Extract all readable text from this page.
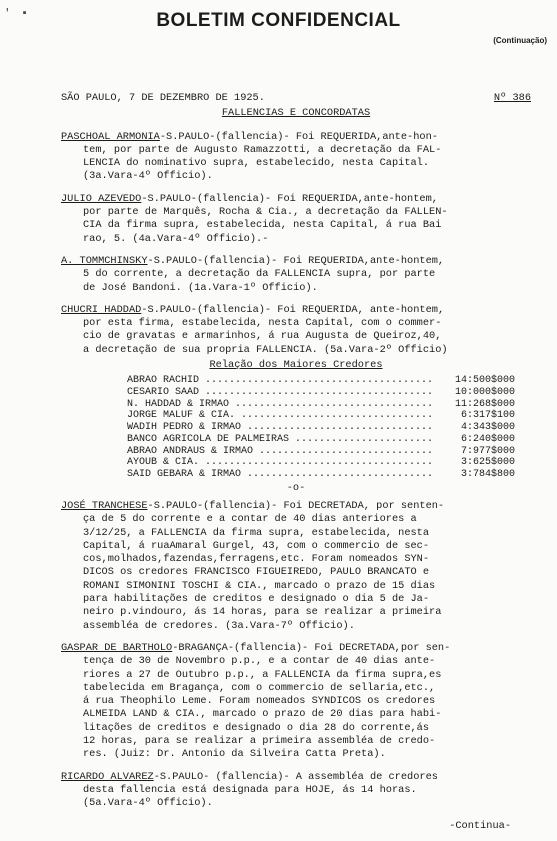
' ▪	BOLETIM CONFIDENCIAL
(Continuação)
SÃO PAULO, 7 DE DEZEMBRO DE 1925.	Nº 386
FALLENCIAS E CONCORDATAS
PASCHOAL ARMONIA-S.PAULO-(fallencia)- Foi REQUERIDA,ante-hon-
tem, por parte de Augusto Ramazzotti, a decretação da FAL-
LENCIA do nominativo supra, estabelecido, nesta Capital.
(3a.Vara-4º Officio).
JULIO AZEVEDO-S.PAULO-(fallencia)- Foi REQUERIDA,ante-hontem,
por parte de Marquês, Rocha & Cia., a decretação da FALLEN-
CIA da firma supra, estabelecida, nesta Capital, á rua Bai
rao, 5. (4a.Vara-4º Officio).-
A. TOMMCHINSKY-S.PAULO-(fallencia)- Foi REQUERIDA,ante-hontem,
5 do corrente, a decretação da FALLENCIA supra, por parte
de José Bandoni. (1a.Vara-1º Officio).
CHUCRI HADDAD-S.PAULO-(fallencia)- Foi REQUERIDA, ante-hontem,
por esta firma, estabelecida, nesta Capital, com o commer-
cio de gravatas e armarinhos, á rua Augusta de Queiroz,40,
a decretação de sua propria FALLENCIA. (5a.Vara-2º Officio)
Relação dos Maiores Credores
ABRÃO RACHID .....	14:500$000
CESARIO SAAD .....	10:000$000
N. HADDAD & IRMÃO .....	11:268$000
JORGE MALUF & CIA. .....	6:317$100
WADIH PEDRO & IRMÃO .....	4:343$000
BANCO AGRICOLA DE PALMEIRAS .....	6:240$000
ABRÃO ANDRAUS & IRMÃO .....	7:977$000
AYOUB & CIA. .....	3:625$000
SAID GEBARA & IRMÃO .....	3:784$800
-o-
JOSÉ TRANCHESE-S.PAULO-(fallencia)- Foi DECRETADA, por senten-
ça de 5 do corrente e a contar de 40 dias anteriores a
3/12/25, a FALLENCIA da firma supra, estabelecida, nesta
Capital, á ruaAmaral Gurgel, 43, com o commercio de sec-
cos,molhados,fazendas,ferragens,etc. Foram nomeados SYN-
DICOS os credores FRANCISCO FIGUEIREDO, PAULO BRANCATO e
ROMANI SIMONINI TOSCHI & CIA., marcado o prazo de 15 dias
para habilitações de creditos e designado o dia 5 de Ja-
neiro p.vindouro, ás 14 horas, para se realizar a primeira
assembléa de credores. (3a.Vara-7º Officio).
GASPAR DE BARTHOLO-BRAGANÇA-(fallencia)- Foi DECRETADA,por sen-
tença de 30 de Novembro p.p., e a contar de 40 dias ante-
riores a 27 de Outubro p.p., a FALLENCIA da firma supra,es
tabelecida em Bragança, com o commercio de sellaria,etc.,
á rua Theophilo Leme. Foram nomeados SYNDICOS os credores
ALMEIDA LAND & CIA., marcado o prazo de 20 dias para habi-
litações de creditos e designado o dia 28 do corrente,ás
12 horas, para se realizar a primeira assembléa de credo-
res. (Juiz: Dr. Antonio da Silveira Catta Preta).
RICARDO ALVAREZ-S.PAULO- (fallencia)- A assembléa de credores
desta fallencia está designada para HOJE, ás 14 horas.
(5a.Vara-4º Officio).
-Continua-
